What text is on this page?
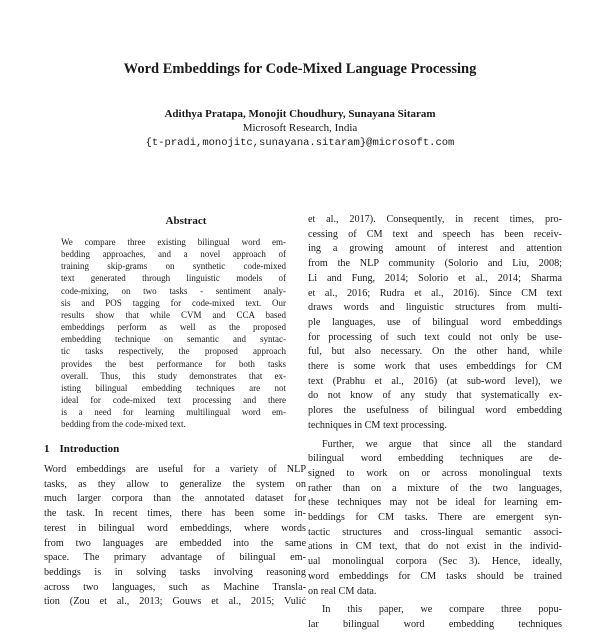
Word Embeddings for Code-Mixed Language Processing
Adithya Pratapa, Monojit Choudhury, Sunayana Sitaram
Microsoft Research, India
{t-pradi,monojitc,sunayana.sitaram}@microsoft.com
Abstract
We compare three existing bilingual word em-
bedding approaches, and a novel approach of
training skip-grams on synthetic code-mixed
text generated through linguistic models of
code-mixing, on two tasks - sentiment analy-
sis and POS tagging for code-mixed text. Our
results show that while CVM and CCA based
embeddings perform as well as the proposed
embedding technique on semantic and syntac-
tic tasks respectively, the proposed approach
provides the best performance for both tasks
overall. Thus, this study demonstrates that ex-
isting bilingual embedding techniques are not
ideal for code-mixed text processing and there
is a need for learning multilingual word em-
bedding from the code-mixed text.
1 Introduction
Word embeddings are useful for a variety of NLP
tasks, as they allow to generalize the system on
much larger corpora than the annotated dataset for
the task. In recent times, there has been some in-
terest in bilingual word embeddings, where words
from two languages are embedded into the same
space. The primary advantage of bilingual em-
beddings is in solving tasks involving reasoning
across two languages, such as Machine Transla-
tion (Zou et al., 2013; Gouws et al., 2015; Vulić
et al., 2017). Consequently, in recent times, pro-
cessing of CM text and speech has been receiv-
ing a growing amount of interest and attention
from the NLP community (Solorio and Liu, 2008;
Li and Fung, 2014; Solorio et al., 2014; Sharma
et al., 2016; Rudra et al., 2016). Since CM text
draws words and linguistic structures from multi-
ple languages, use of bilingual word embeddings
for processing of such text could not only be use-
ful, but also necessary. On the other hand, while
there is some work that uses embeddings for CM
text (Prabhu et al., 2016) (at sub-word level), we
do not know of any study that systematically ex-
plores the usefulness of bilingual word embedding
techniques in CM text processing.
Further, we argue that since all the standard
bilingual word embedding techniques are de-
signed to work on or across monolingual texts
rather than on a mixture of the two languages,
these techniques may not be ideal for learning em-
beddings for CM tasks. There are emergent syn-
tactic structures and cross-lingual semantic associ-
ations in CM text, that do not exist in the individ-
ual monolingual corpora (Sec 3). Hence, ideally,
word embeddings for CM tasks should be trained
on real CM data.
In this paper, we compare three popu-
lar bilingual word embedding techniques
